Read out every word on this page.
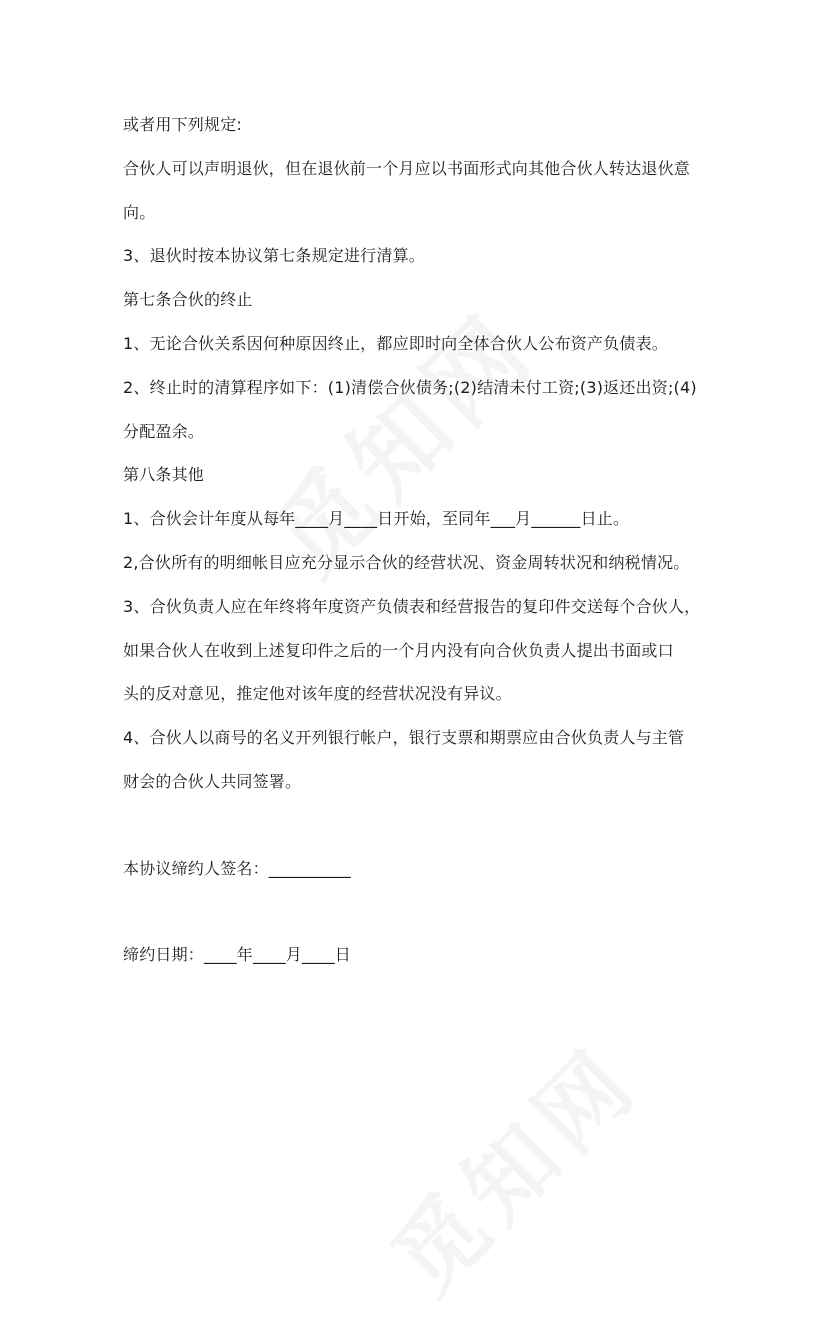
或者用下列规定:
合伙人可以声明退伙，但在退伙前一个月应以书面形式向其他合伙人转达退伙意
向。
3、退伙时按本协议第七条规定进行清算。
第七条合伙的终止
1、无论合伙关系因何种原因终止，都应即时向全体合伙人公布资产负债表。
2、终止时的清算程序如下：(1)清偿合伙债务;(2)结清未付工资;(3)返还出资;(4)
分配盈余。
第八条其他
1、合伙会计年度从每年____月____日开始，至同年___月______日止。
2,合伙所有的明细帐目应充分显示合伙的经营状况、资金周转状况和纳税情况。
3、合伙负责人应在年终将年度资产负债表和经营报告的复印件交送每个合伙人，
如果合伙人在收到上述复印件之后的一个月内没有向合伙负责人提出书面或口
头的反对意见，推定他对该年度的经营状况没有异议。
4、合伙人以商号的名义开列银行帐户，银行支票和期票应由合伙负责人与主管
财会的合伙人共同签署。
本协议缔约人签名：__________
缔约日期：____年____月____日
